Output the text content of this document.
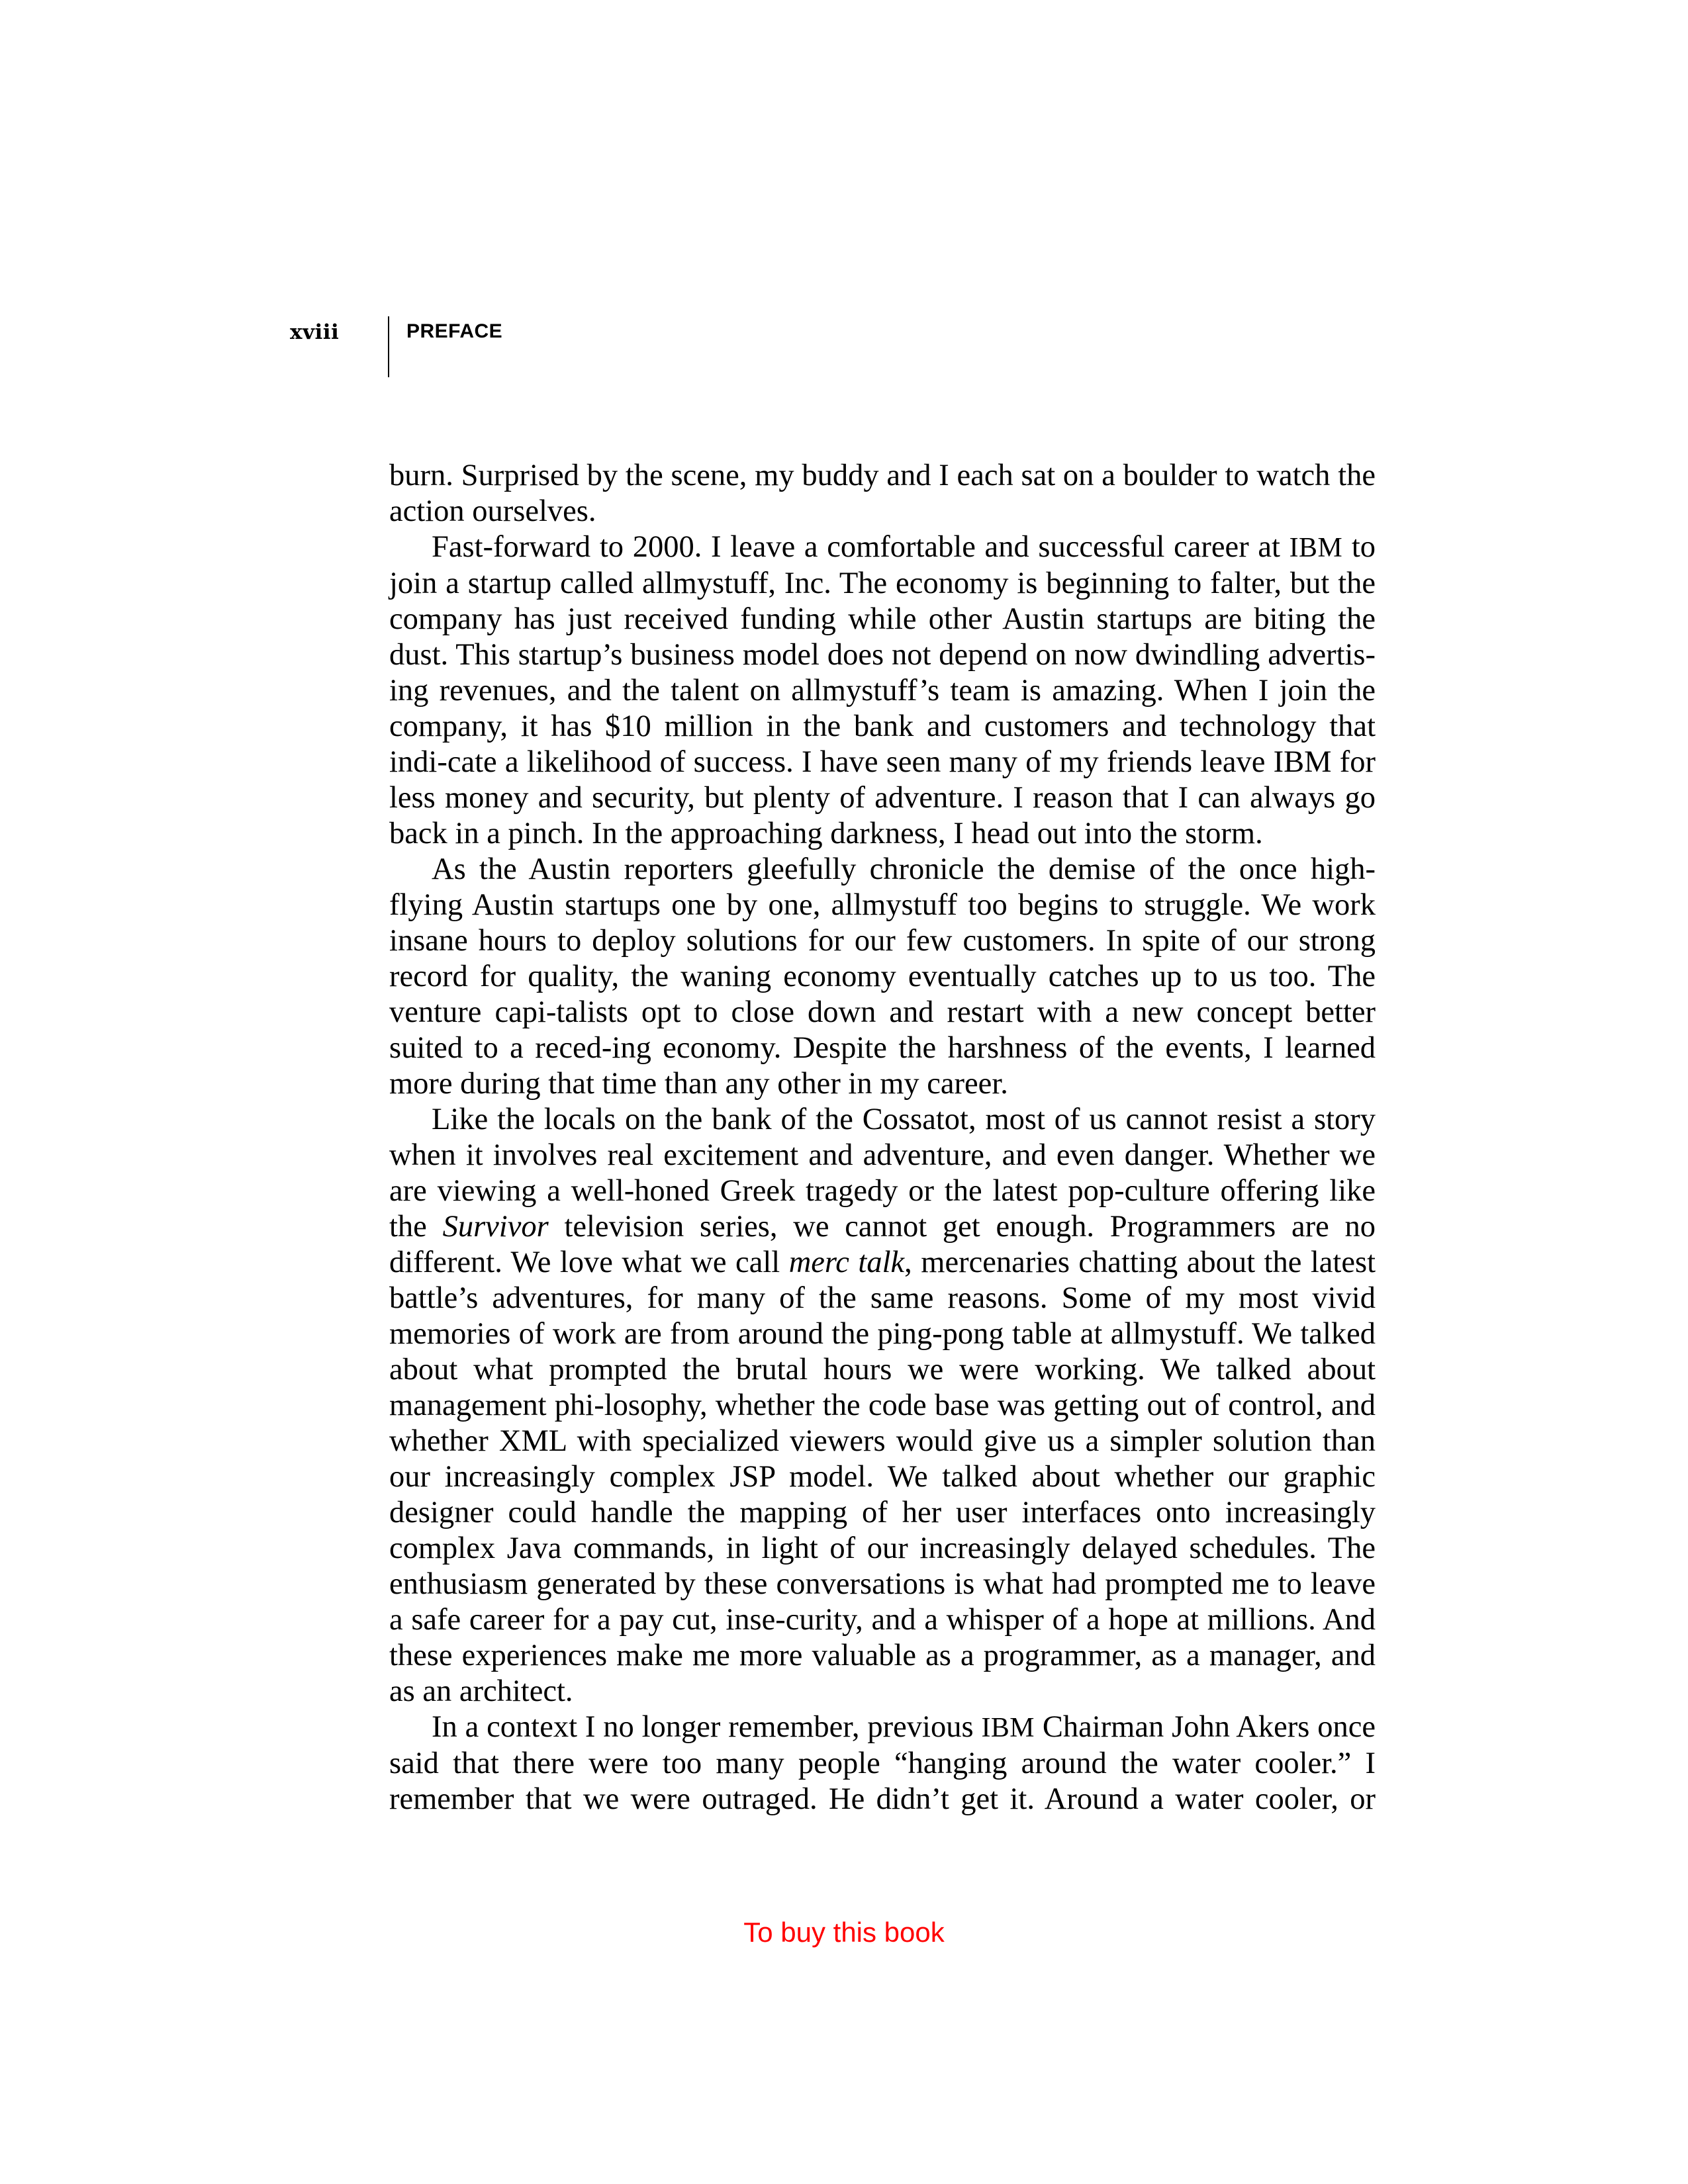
xviii	PREFACE

burn. Surprised by the scene, my buddy and I each sat on a boulder to watch the action ourselves.

Fast-forward to 2000. I leave a comfortable and successful career at IBM to join a startup called allmystuff, Inc. The economy is beginning to falter, but the company has just received funding while other Austin startups are biting the dust. This startup’s business model does not depend on now dwindling advertis-ing revenues, and the talent on allmystuff’s team is amazing. When I join the company, it has $10 million in the bank and customers and technology that indi-cate a likelihood of success. I have seen many of my friends leave IBM for less money and security, but plenty of adventure. I reason that I can always go back in a pinch. In the approaching darkness, I head out into the storm.

As the Austin reporters gleefully chronicle the demise of the once high-flying Austin startups one by one, allmystuff too begins to struggle. We work insane hours to deploy solutions for our few customers. In spite of our strong record for quality, the waning economy eventually catches up to us too. The venture capi-talists opt to close down and restart with a new concept better suited to a reced-ing economy. Despite the harshness of the events, I learned more during that time than any other in my career.

Like the locals on the bank of the Cossatot, most of us cannot resist a story when it involves real excitement and adventure, and even danger. Whether we are viewing a well-honed Greek tragedy or the latest pop-culture offering like the Survivor television series, we cannot get enough. Programmers are no different. We love what we call merc talk, mercenaries chatting about the latest battle’s adventures, for many of the same reasons. Some of my most vivid memories of work are from around the ping-pong table at allmystuff. We talked about what prompted the brutal hours we were working. We talked about management phi-losophy, whether the code base was getting out of control, and whether XML with specialized viewers would give us a simpler solution than our increasingly complex JSP model. We talked about whether our graphic designer could handle the mapping of her user interfaces onto increasingly complex Java commands, in light of our increasingly delayed schedules. The enthusiasm generated by these conversations is what had prompted me to leave a safe career for a pay cut, inse-curity, and a whisper of a hope at millions. And these experiences make me more valuable as a programmer, as a manager, and as an architect.

In a context I no longer remember, previous IBM Chairman John Akers once said that there were too many people “hanging around the water cooler.” I remember that we were outraged. He didn’t get it. Around a water cooler, or

To buy this book
